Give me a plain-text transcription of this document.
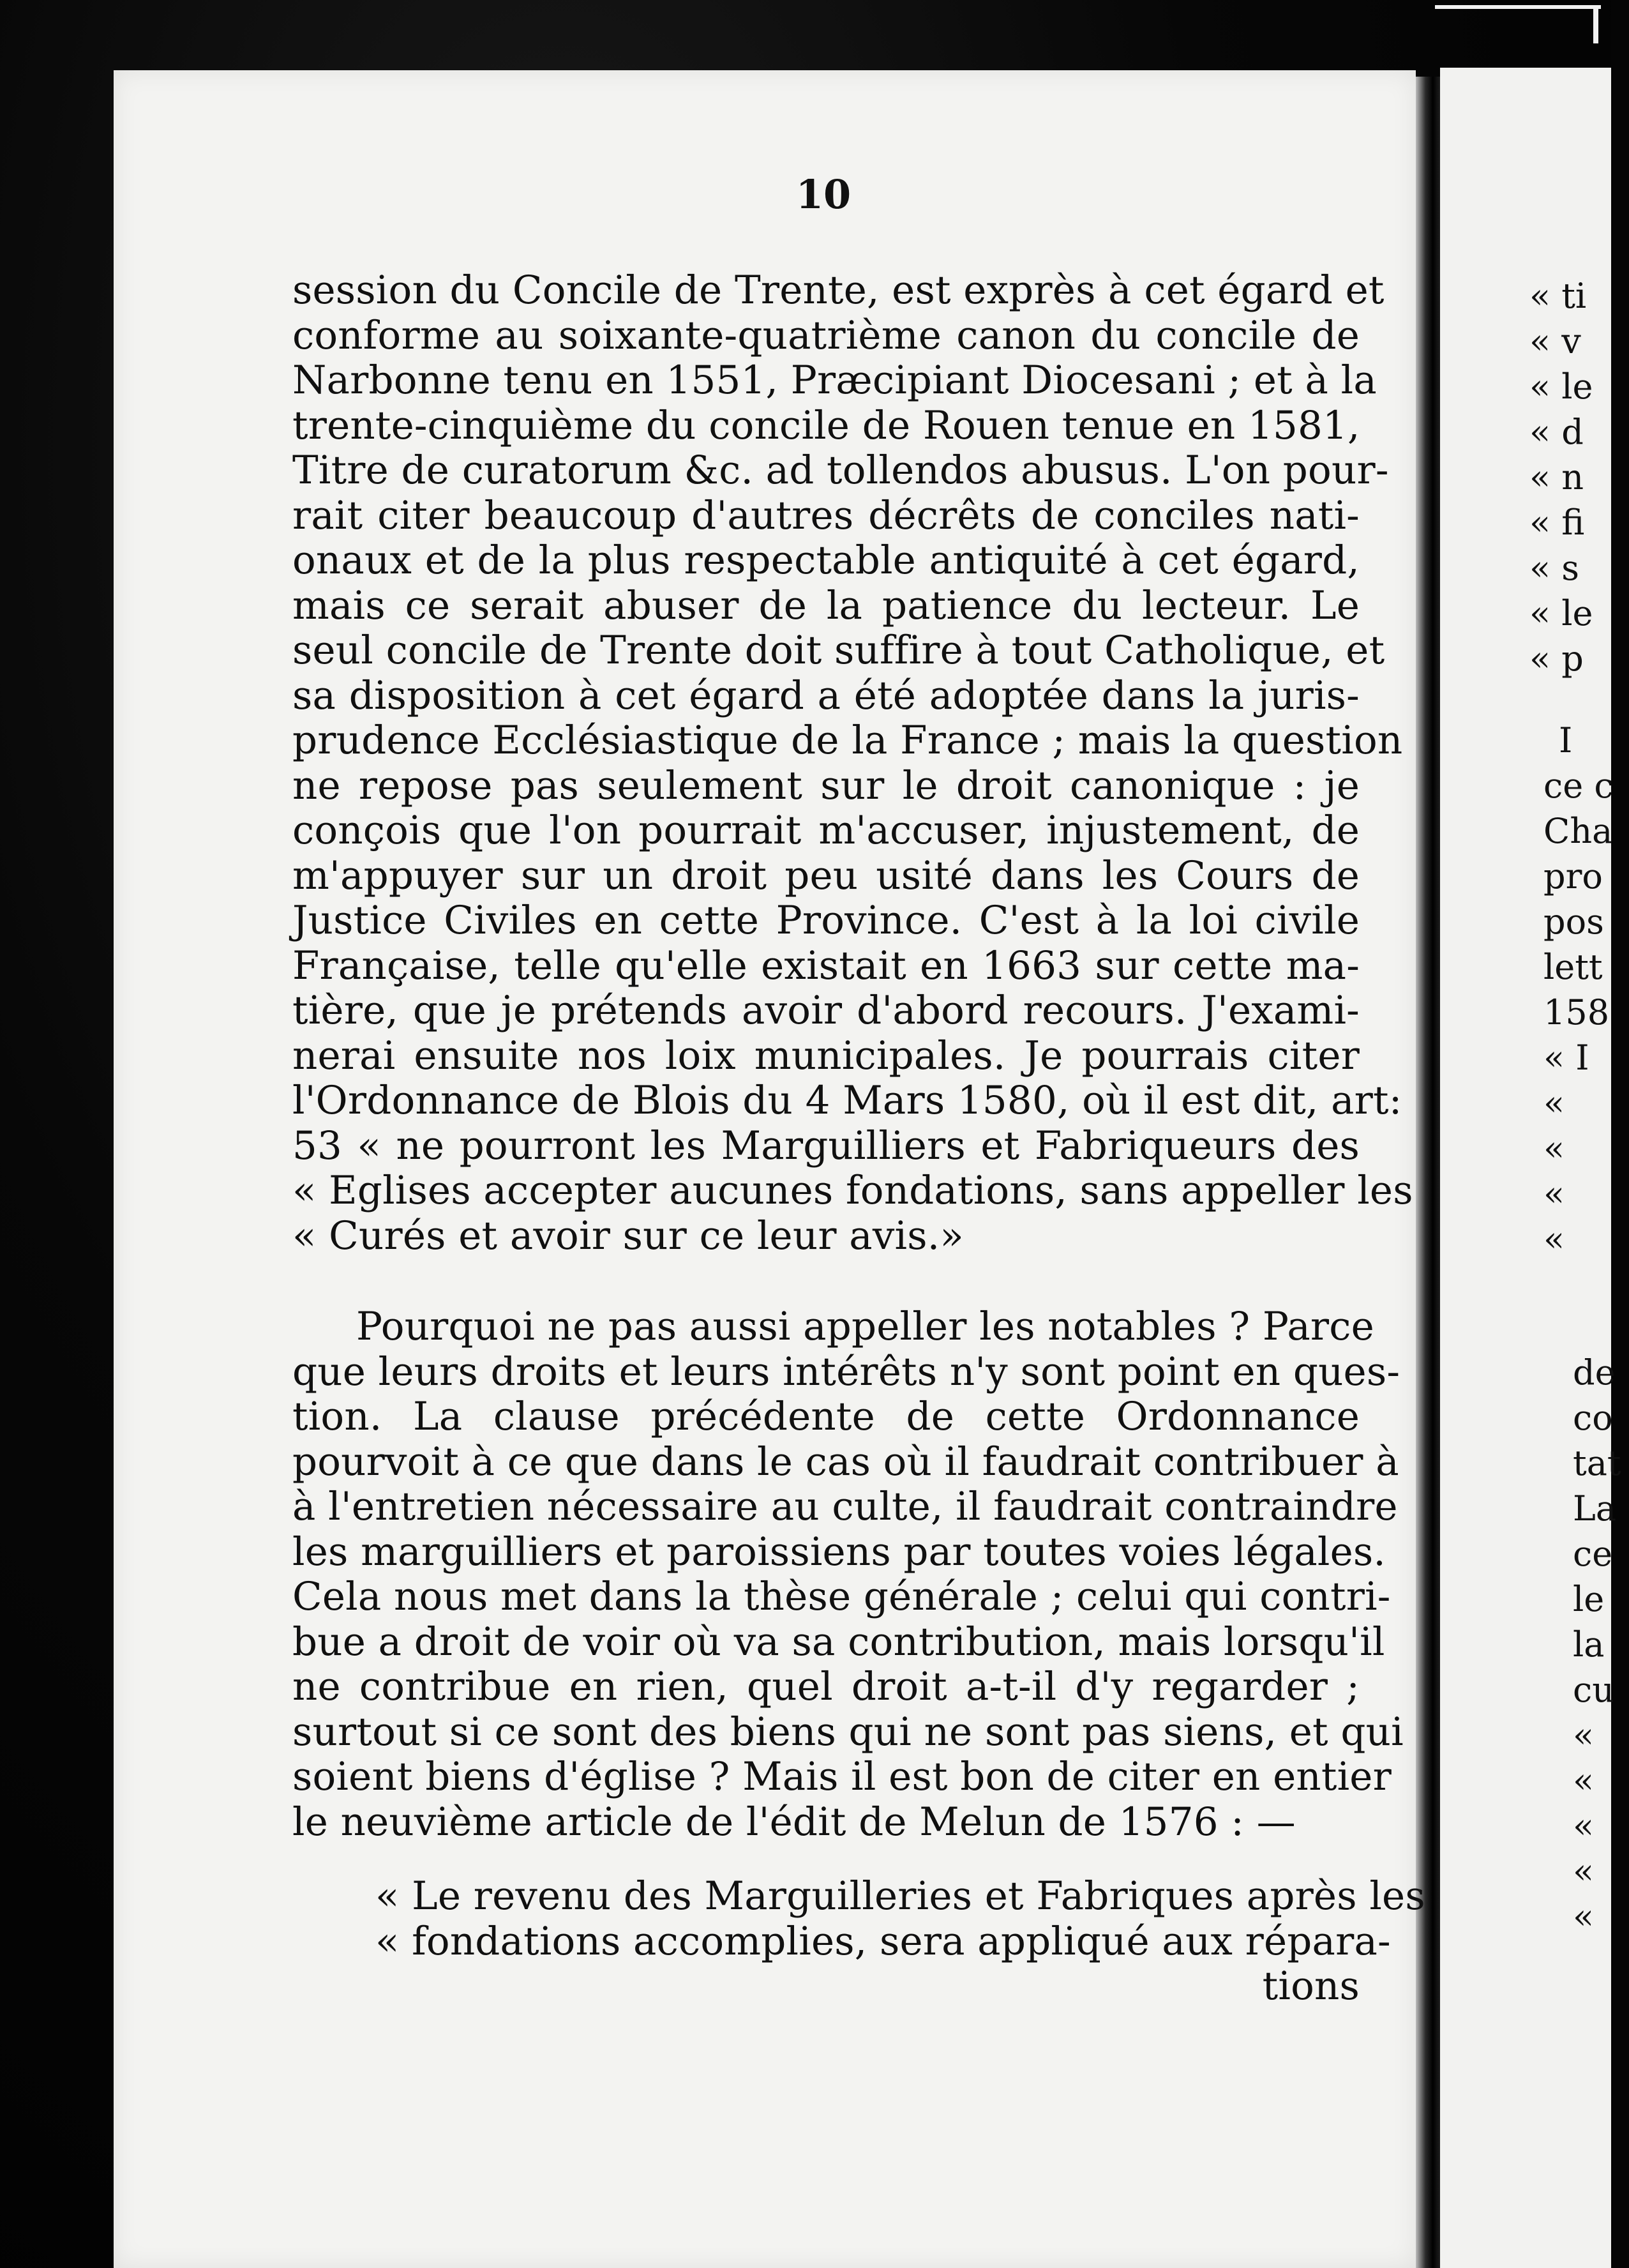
10
session du Concile de Trente, est exprès à cet égard et
conforme au soixante-quatrième canon du concile de
Narbonne tenu en 1551, Præcipiant Diocesani ; et à la
trente-cinquième du concile de Rouen tenue en 1581,
Titre de curatorum &c. ad tollendos abusus. L'on pour-
rait citer beaucoup d'autres décrêts de conciles nati-
onaux et de la plus respectable antiquité à cet égard,
mais ce serait abuser de la patience du lecteur. Le
seul concile de Trente doit suffire à tout Catholique, et
sa disposition à cet égard a été adoptée dans la juris-
prudence Ecclésiastique de la France ; mais la question
ne repose pas seulement sur le droit canonique : je
conçois que l'on pourrait m'accuser, injustement, de
m'appuyer sur un droit peu usité dans les Cours de
Justice Civiles en cette Province. C'est à la loi civile
Française, telle qu'elle existait en 1663 sur cette ma-
tière, que je prétends avoir d'abord recours. J'exami-
nerai ensuite nos loix municipales. Je pourrais citer
l'Ordonnance de Blois du 4 Mars 1580, où il est dit, art:
53 « ne pourront les Marguilliers et Fabriqueurs des
« Eglises accepter aucunes fondations, sans appeller les
« Curés et avoir sur ce leur avis.»
Pourquoi ne pas aussi appeller les notables ? Parce
que leurs droits et leurs intérêts n'y sont point en ques-
tion. La clause précédente de cette Ordonnance
pourvoit à ce que dans le cas où il faudrait contribuer à
à l'entretien nécessaire au culte, il faudrait contraindre
les marguilliers et paroissiens par toutes voies légales.
Cela nous met dans la thèse générale ; celui qui contri-
bue a droit de voir où va sa contribution, mais lorsqu'il
ne contribue en rien, quel droit a-t-il d'y regarder ;
surtout si ce sont des biens qui ne sont pas siens, et qui
soient biens d'église ? Mais il est bon de citer en entier
le neuvième article de l'édit de Melun de 1576 : —
« Le revenu des Marguilleries et Fabriques après les
« fondations accomplies, sera appliqué aux répara-
tions
« ti
« v
« le
« d
« n
« fi
« s
« le
« p
I
ce c
Cha
pro
pos
lett
158
« I
«
«
«
«
de
co
tat
La
ce
le
la
cu
«
«
«
«
«
